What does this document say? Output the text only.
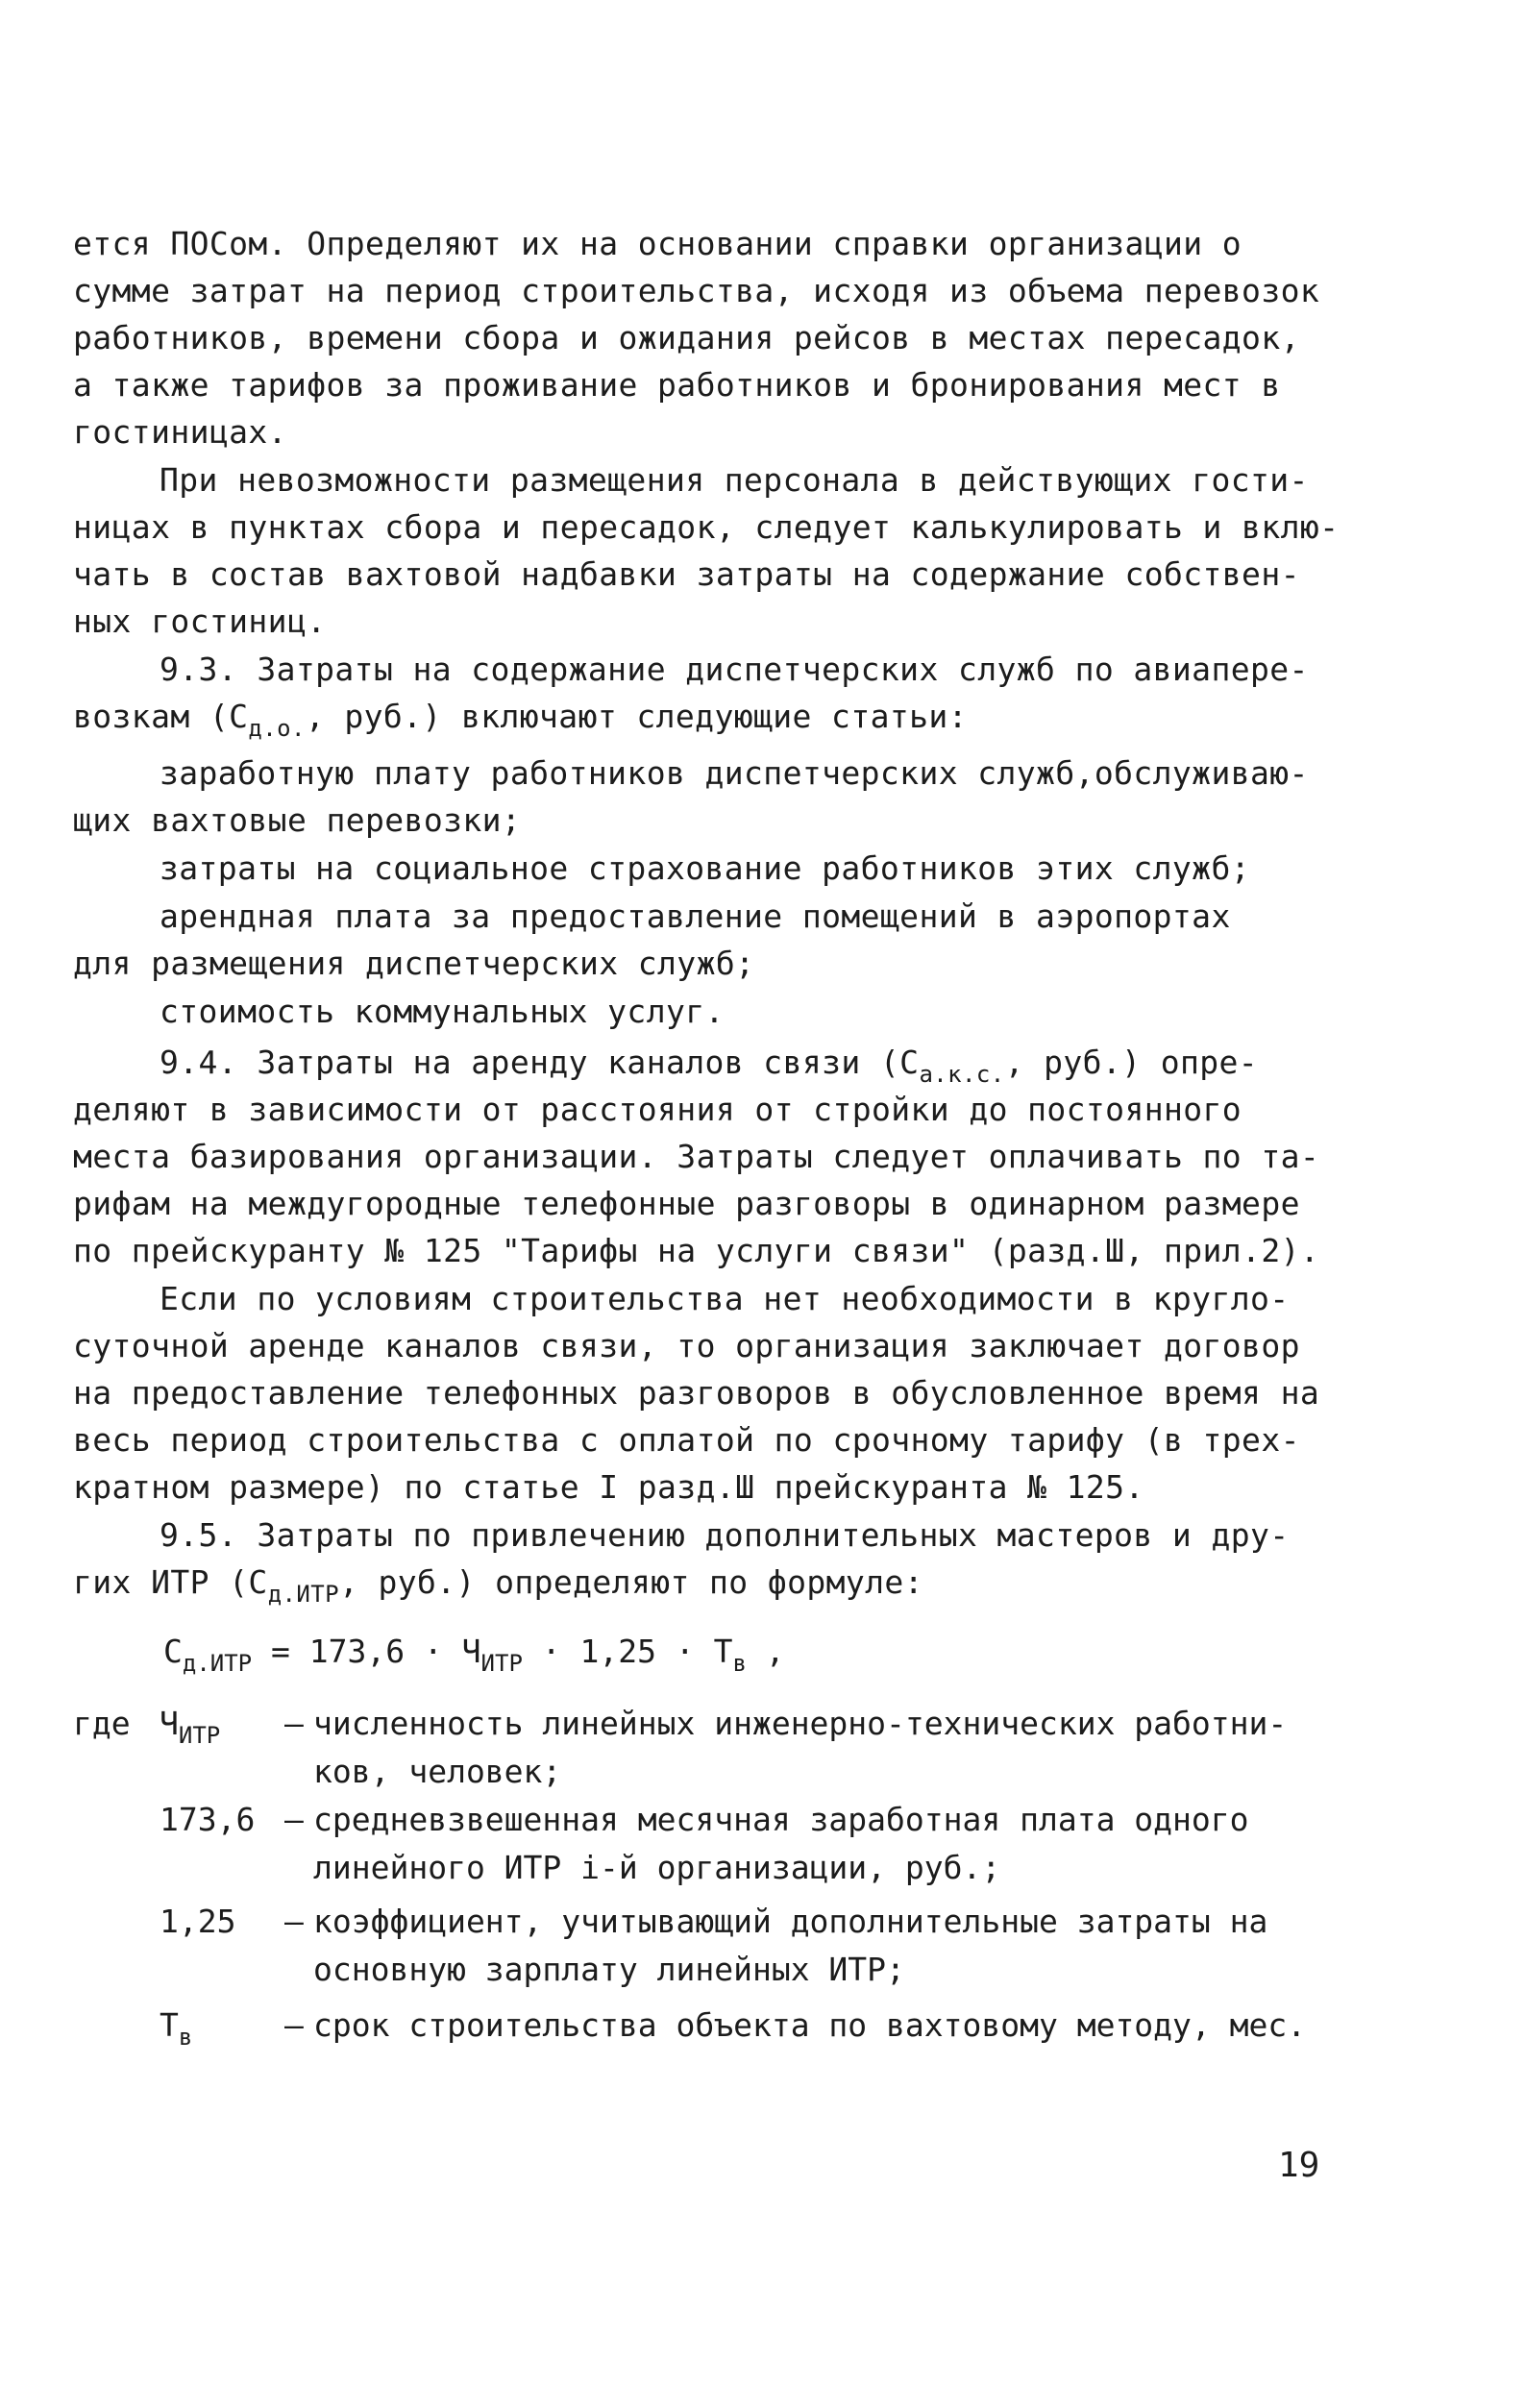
ется ПОСом. Определяют их на основании справки организации о
сумме затрат на период строительства, исходя из объема перевозок
работников, времени сбора и ожидания рейсов в местах пересадок,
а также тарифов за проживание работников и бронирования мест в
гостиницах.
При невозможности размещения персонала в действующих гости-
ницах в пунктах сбора и пересадок, следует калькулировать и вклю-
чать в состав вахтовой надбавки затраты на содержание собствен-
ных гостиниц.
9.3. Затраты на содержание диспетчерских служб по авиапере-
возкам ($С_{д.о.}$, руб.) включают следующие статьи:
заработную плату работников диспетчерских служб,обслуживаю-
щих вахтовые перевозки;
затраты на социальное страхование работников этих служб;
арендная плата за предоставление помещений в аэропортах
для размещения диспетчерских служб;
стоимость коммунальных услуг.
9.4. Затраты на аренду каналов связи ($С_{а.к.с.}$, руб.) опре-
деляют в зависимости от расстояния от стройки до постоянного
места базирования организации. Затраты следует оплачивать по та-
рифам на междугородные телефонные разговоры в одинарном размере
по прейскуранту № 125 "Тарифы на услуги связи" (разд.Ш, прил.2).
Если по условиям строительства нет необходимости в кругло-
суточной аренде каналов связи, то организация заключает договор
на предоставление телефонных разговоров в обусловленное время на
весь период строительства с оплатой по срочному тарифу (в трех-
кратном размере) по статье I разд.Ш прейскуранта № 125.
9.5. Затраты по привлечению дополнительных мастеров и дру-
гих ИТР ($С_{д.ИТР}$, руб.) определяют по формуле:
$С_{д.ИТР} = 173,6 \cdot Ч_{ИТР} \cdot 1,25 \cdot Т_в$ ,
где $Ч_{ИТР}$ – численность линейных инженерно-технических работни-
ков, человек;
173,6 – средневзвешенная месячная заработная плата одного
линейного ИТР і-й организации, руб.;
1,25 – коэффициент, учитывающий дополнительные затраты на
основную зарплату линейных ИТР;
$Т_в$	– срок строительства объекта по вахтовому методу, мес.
19
